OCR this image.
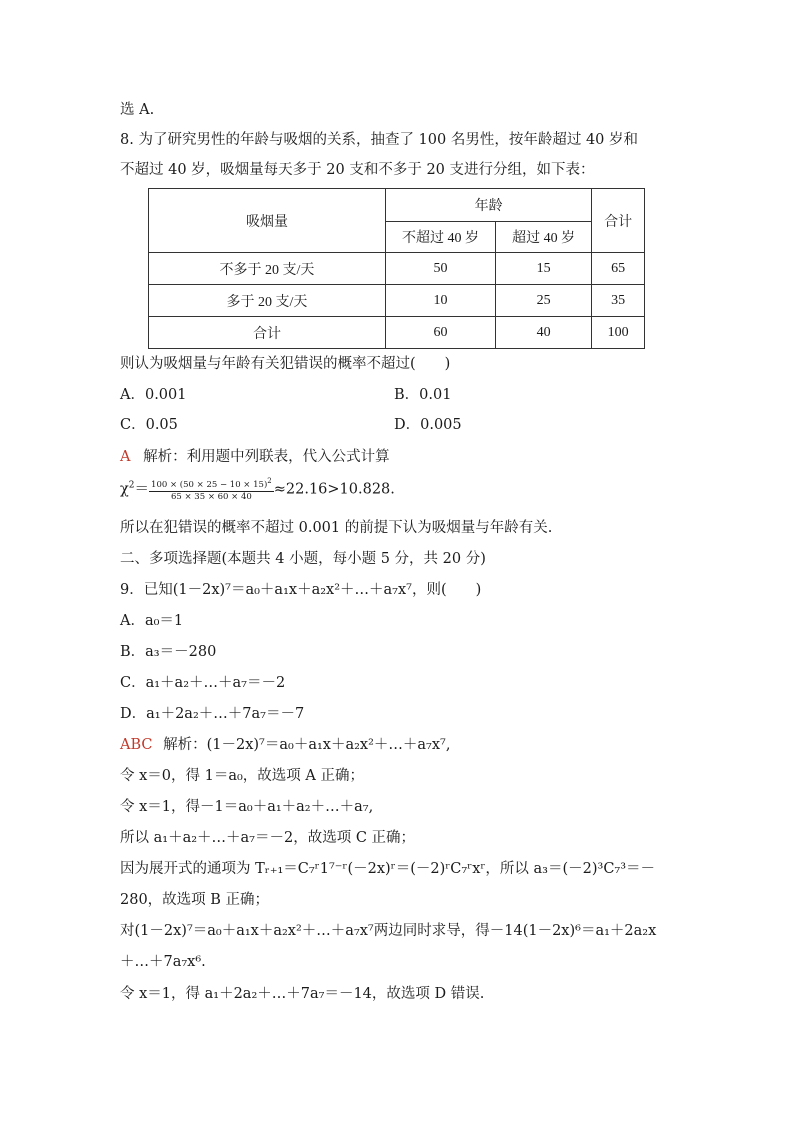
选 A.
8. 为了研究男性的年龄与吸烟的关系，抽查了 100 名男性，按年龄超过 40 岁和
不超过 40 岁，吸烟量每天多于 20 支和不多于 20 支进行分组，如下表：
吸烟量	年龄		合计
	不超过 40 岁	超过 40 岁	
不多于 20 支/天	50	15	65
多于 20 支/天	10	25	35
合计	60	40	100
则认为吸烟量与年龄有关犯错误的概率不超过(　　)
A．0.001	B．0.01
C．0.05	D．0.005
A 解析：利用题中列联表，代入公式计算
$\chi^2= \frac{100 \times (50 \times 25 - 10 \times 15)^2}{65 \times 35 \times 60 \times 40} \approx 22.16>10.828$.
所以在犯错误的概率不超过 0.001 的前提下认为吸烟量与年龄有关.
二、多项选择题(本题共 4 小题，每小题 5 分，共 20 分)
9．已知(1－2x)⁷＝a₀＋a₁x＋a₂x²＋…＋a₇x⁷，则(　　)
A．a₀＝1
B．a₃＝－280
C．a₁＋a₂＋…＋a₇＝－2
D．a₁＋2a₂＋…＋7a₇＝－7
ABC 解析：(1－2x)⁷＝a₀＋a₁x＋a₂x²＋…＋a₇x⁷,
令 x＝0，得 1＝a₀，故选项 A 正确；
令 x＝1，得－1＝a₀＋a₁＋a₂＋…＋a₇,
所以 a₁＋a₂＋…＋a₇＝－2，故选项 C 正确；
因为展开式的通项为 Tᵣ₊₁＝C₇ʳ1⁷⁻ʳ(－2x)ʳ＝(－2)ʳC₇ʳxʳ，所以 a₃＝(－2)³C₇³＝－
280，故选项 B 正确；
对(1－2x)⁷＝a₀＋a₁x＋a₂x²＋…＋a₇x⁷两边同时求导，得－14(1－2x)⁶＝a₁＋2a₂x
＋…＋7a₇x⁶.
令 x＝1，得 a₁＋2a₂＋…＋7a₇＝－14，故选项 D 错误.
